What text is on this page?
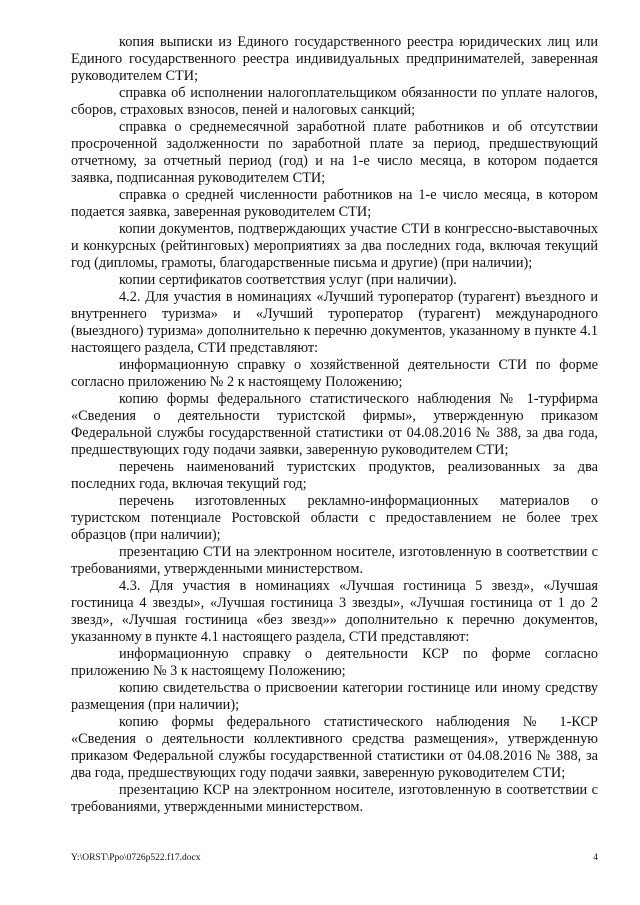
копия выписки из Единого государственного реестра юридических лиц или Единого государственного реестра индивидуальных предпринимателей, заверенная руководителем СТИ;

справка об исполнении налогоплательщиком обязанности по уплате налогов, сборов, страховых взносов, пеней и налоговых санкций;

справка о среднемесячной заработной плате работников и об отсутствии просроченной задолженности по заработной плате за период, предшествующий отчетному, за отчетный период (год) и на 1-е число месяца, в котором подается заявка, подписанная руководителем СТИ;

справка о средней численности работников на 1-е число месяца, в котором подается заявка, заверенная руководителем СТИ;

копии документов, подтверждающих участие СТИ в конгрессно-выставочных и конкурсных (рейтинговых) мероприятиях за два последних года, включая текущий год (дипломы, грамоты, благодарственные письма и другие) (при наличии);

копии сертификатов соответствия услуг (при наличии).

4.2. Для участия в номинациях «Лучший туроператор (турагент) въездного и внутреннего туризма» и «Лучший туроператор (турагент) международного (выездного) туризма» дополнительно к перечню документов, указанному в пункте 4.1 настоящего раздела, СТИ представляют:

информационную справку о хозяйственной деятельности СТИ по форме согласно приложению № 2 к настоящему Положению;

копию формы федерального статистического наблюдения № 1-турфирма «Сведения о деятельности туристской фирмы», утвержденную приказом Федеральной службы государственной статистики от 04.08.2016 № 388, за два года, предшествующих году подачи заявки, заверенную руководителем СТИ;

перечень наименований туристских продуктов, реализованных за два последних года, включая текущий год;

перечень изготовленных рекламно-информационных материалов о туристском потенциале Ростовской области с предоставлением не более трех образцов (при наличии);

презентацию СТИ на электронном носителе, изготовленную в соответствии с требованиями, утвержденными министерством.

4.3. Для участия в номинациях «Лучшая гостиница 5 звезд», «Лучшая гостиница 4 звезды», «Лучшая гостиница 3 звезды», «Лучшая гостиница от 1 до 2 звезд», «Лучшая гостиница «без звезд»» дополнительно к перечню документов, указанному в пункте 4.1 настоящего раздела, СТИ представляют:

информационную справку о деятельности КСР по форме согласно приложению № 3 к настоящему Положению;

копию свидетельства о присвоении категории гостинице или иному средству размещения (при наличии);

копию формы федерального статистического наблюдения № 1-КСР «Сведения о деятельности коллективного средства размещения», утвержденную приказом Федеральной службы государственной статистики от 04.08.2016 № 388, за два года, предшествующих году подачи заявки, заверенную руководителем СТИ;

презентацию КСР на электронном носителе, изготовленную в соответствии с требованиями, утвержденными министерством.

Y:\ORST\Ppo\0726p522.f17.docx	4
